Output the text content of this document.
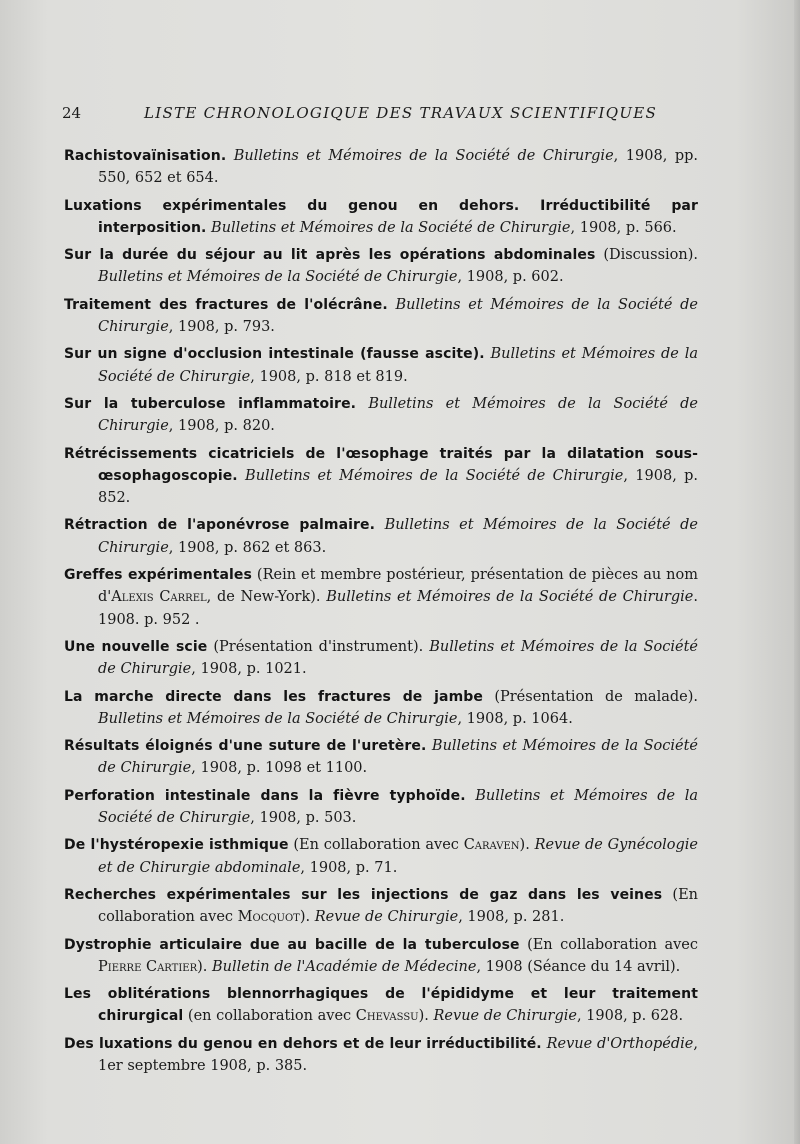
24	LISTE CHRONOLOGIQUE DES TRAVAUX SCIENTIFIQUES

Rachistovaïnisation. Bulletins et Mémoires de la Société de Chirurgie, 1908, pp. 550, 652 et 654.

Luxations expérimentales du genou en dehors. Irréductibilité par interposition. Bulletins et Mémoires de la Société de Chirurgie, 1908, p. 566.

Sur la durée du séjour au lit après les opérations abdominales (Discussion). Bulletins et Mémoires de la Société de Chirurgie, 1908, p. 602.

Traitement des fractures de l'olécrâne. Bulletins et Mémoires de la Société de Chirurgie, 1908, p. 793.

Sur un signe d'occlusion intestinale (fausse ascite). Bulletins et Mémoires de la Société de Chirurgie, 1908, p. 818 et 819.

Sur la tuberculose inflammatoire. Bulletins et Mémoires de la Société de Chirurgie, 1908, p. 820.

Rétrécissements cicatriciels de l'œsophage traités par la dilatation sous-œsophagoscopie. Bulletins et Mémoires de la Société de Chirurgie, 1908, p. 852.

Rétraction de l'aponévrose palmaire. Bulletins et Mémoires de la Société de Chirurgie, 1908, p. 862 et 863.

Greffes expérimentales (Rein et membre postérieur, présentation de pièces au nom d'Alexis Carrel, de New-York). Bulletins et Mémoires de la Société de Chirurgie. 1908. p. 952 .

Une nouvelle scie (Présentation d'instrument). Bulletins et Mémoires de la Société de Chirurgie, 1908, p. 1021.

La marche directe dans les fractures de jambe (Présentation de malade). Bulletins et Mémoires de la Société de Chirurgie, 1908, p. 1064.

Résultats éloignés d'une suture de l'uretère. Bulletins et Mémoires de la Société de Chirurgie, 1908, p. 1098 et 1100.

Perforation intestinale dans la fièvre typhoïde. Bulletins et Mémoires de la Société de Chirurgie, 1908, p. 503.

De l'hystéropexie isthmique (En collaboration avec Caraven). Revue de Gynécologie et de Chirurgie abdominale, 1908, p. 71.

Recherches expérimentales sur les injections de gaz dans les veines (En collaboration avec Mocquot). Revue de Chirurgie, 1908, p. 281.

Dystrophie articulaire due au bacille de la tuberculose (En collaboration avec Pierre Cartier). Bulletin de l'Académie de Médecine, 1908 (Séance du 14 avril).

Les oblitérations blennorrhagiques de l'épididyme et leur traitement chirurgical (en collaboration avec Chevassu). Revue de Chirurgie, 1908, p. 628.

Des luxations du genou en dehors et de leur irréductibilité. Revue d'Orthopédie, 1er septembre 1908, p. 385.
